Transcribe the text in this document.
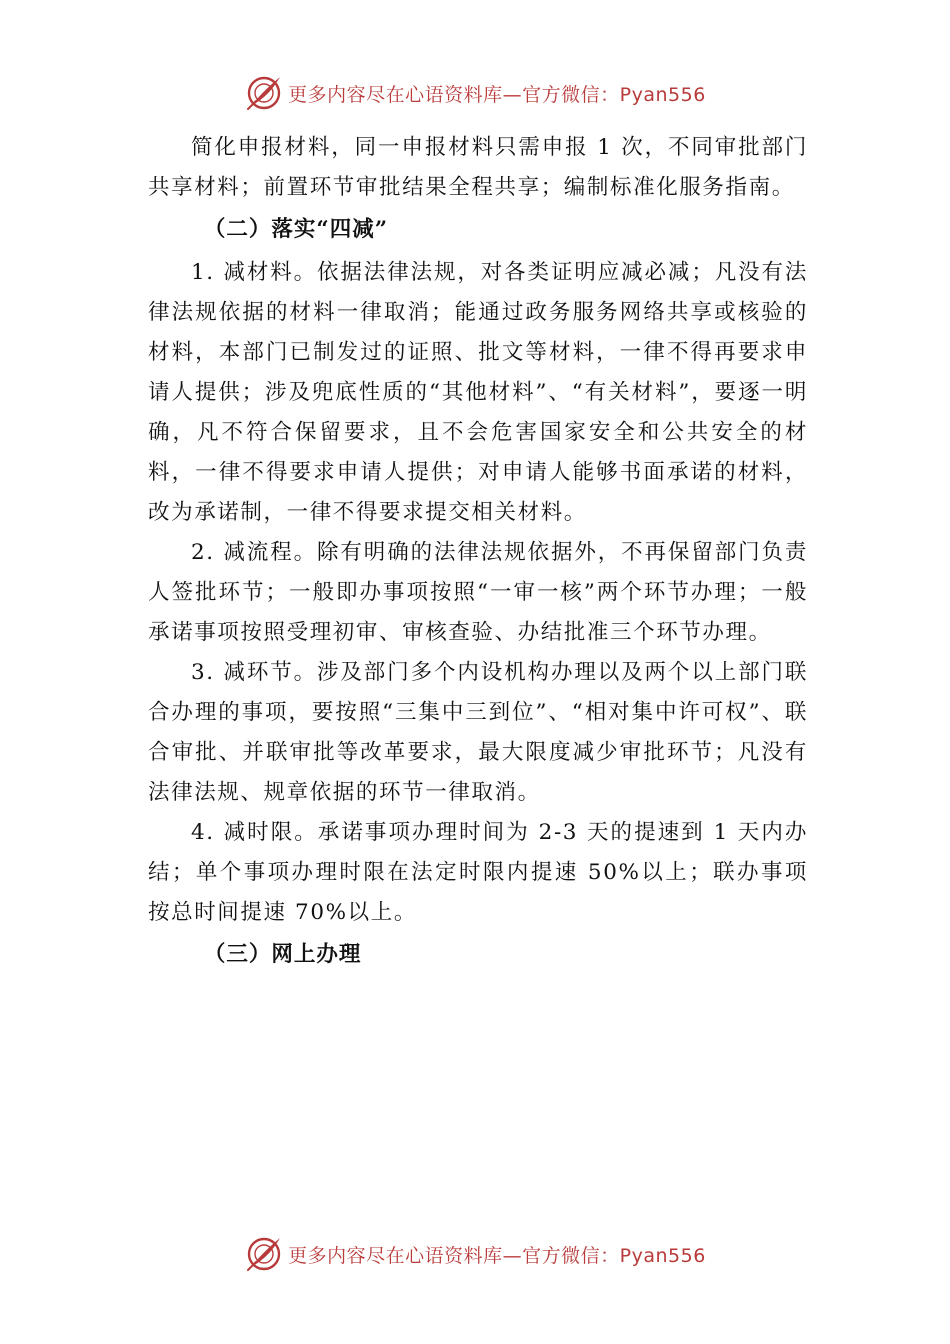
更多内容尽在心语资料库—官方微信：Pyan556

简化申报材料，同一申报材料只需申报 1 次，不同审批部门共享材料；前置环节审批结果全程共享；编制标准化服务指南。

（二）落实“四减”

1. 减材料。依据法律法规，对各类证明应减必减；凡没有法律法规依据的材料一律取消；能通过政务服务网络共享或核验的材料，本部门已制发过的证照、批文等材料，一律不得再要求申请人提供；涉及兜底性质的“其他材料”、“有关材料”，要逐一明确，凡不符合保留要求，且不会危害国家安全和公共安全的材料，一律不得要求申请人提供；对申请人能够书面承诺的材料，改为承诺制，一律不得要求提交相关材料。

2. 减流程。除有明确的法律法规依据外，不再保留部门负责人签批环节；一般即办事项按照“一审一核”两个环节办理；一般承诺事项按照受理初审、审核查验、办结批准三个环节办理。

3. 减环节。涉及部门多个内设机构办理以及两个以上部门联合办理的事项，要按照“三集中三到位”、“相对集中许可权”、联合审批、并联审批等改革要求，最大限度减少审批环节；凡没有法律法规、规章依据的环节一律取消。

4. 减时限。承诺事项办理时间为 2-3 天的提速到 1 天内办结；单个事项办理时限在法定时限内提速 50%以上；联办事项按总时间提速 70%以上。

（三）网上办理

更多内容尽在心语资料库—官方微信：Pyan556
